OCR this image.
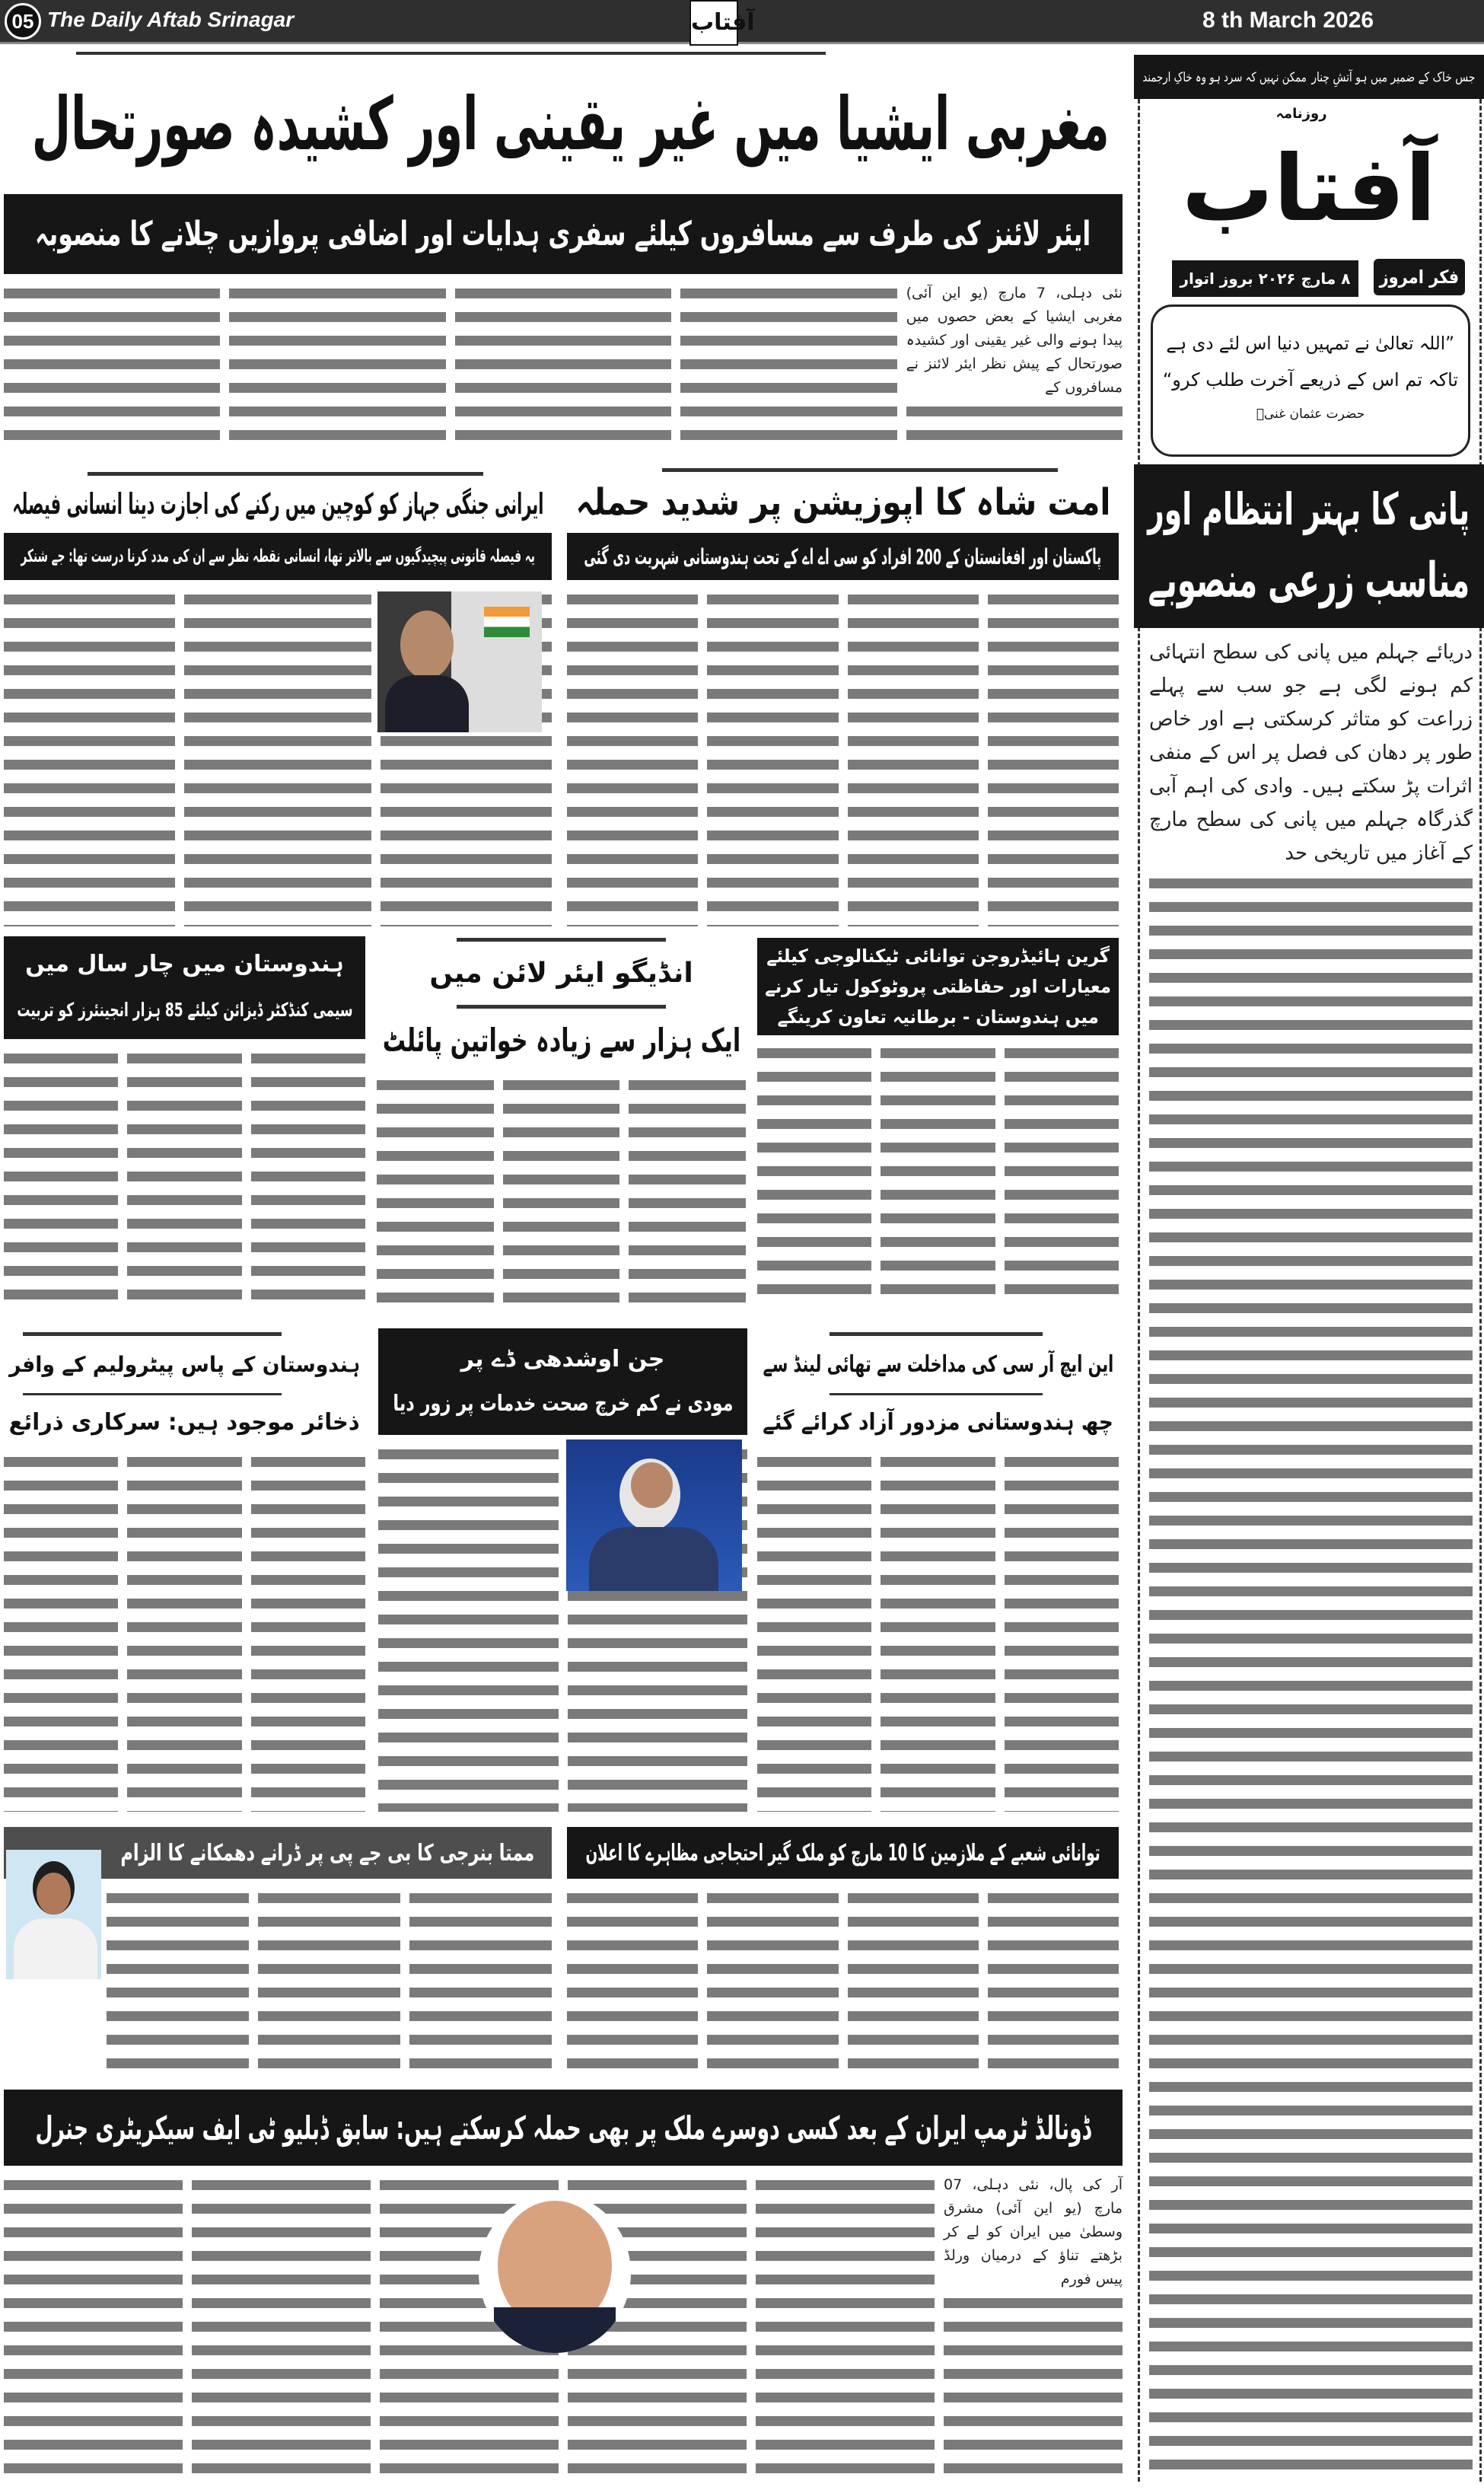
05 The Daily Aftab Srinagar	آفتاب	8 th March 2026
جس خاک کے ضمیر میں ہو آتشِ چنار
ممکن نہیں کہ سرد ہو وہ خاکِ ارجمند
روزنامہ
آفتاب
فکر امروز
۸ مارچ ۲۰۲۶ بروز اتوار
”اللہ تعالیٰ نے تمہیں دنیا اس لئے دی ہے
تاکہ تم اس کے ذریعے آخرت طلب کرو“
حضرت عثمان غنیؓ
پانی کا بہتر انتظام اور
مناسب زرعی منصوبے
دریائے جہلم میں پانی کی سطح انتہائی کم ہونے لگی ہے جو سب سے پہلے زراعت کو متاثر کرسکتی ہے اور خاص طور پر دھان کی فصل پر اس کے منفی اثرات پڑ سکتے ہیں۔ وادی کی اہم آبی گذرگاہ جہلم میں پانی کی سطح مارچ کے آغاز میں تاریخی حد
مغربی ایشیا میں غیر یقینی اور کشیدہ صورتحال
ایئر لائنز کی طرف سے مسافروں کیلئے سفری ہدایات اور اضافی پروازیں چلانے کا منصوبہ
نئی دہلی، 7 مارچ (یو این آئی) مغربی ایشیا کے بعض حصوں میں پیدا ہونے والی غیر یقینی اور کشیدہ صورتحال کے پیش نظر ایئر لائنز نے مسافروں کے
امت شاہ کا اپوزیشن پر شدید حملہ
پاکستان اور افغانستان کے 200 افراد کو سی اے اے کے تحت ہندوستانی شہریت دی گئی
ایرانی جنگی جہاز کو کوچین میں رکنے کی اجازت دینا انسانی فیصلہ
یہ فیصلہ قانونی پیچیدگیوں سے بالاتر تھا، انسانی نقطہ نظر سے ان کی مدد کرنا درست تھا: جے شنکر
گرین ہائیڈروجن توانائی ٹیکنالوجی کیلئے معیارات اور حفاظتی پروٹوکول تیار کرنے میں ہندوستان - برطانیہ تعاون کرینگے
انڈیگو ایئر لائن میں
ایک ہزار سے زیادہ خواتین پائلٹ
ہندوستان میں چار سال میں
سیمی کنڈکٹر ڈیزائن کیلئے 85 ہزار انجینئرز کو تربیت
این ایچ آر سی کی مداخلت سے تھائی لینڈ سے
چھ ہندوستانی مزدور آزاد کرائے گئے
جن اوشدھی ڈے پر
مودی نے کم خرچ صحت خدمات پر زور دیا
ہندوستان کے پاس پیٹرولیم کے وافر
ذخائر موجود ہیں: سرکاری ذرائع
توانائی شعبے کے ملازمین کا 10 مارچ کو ملک گیر احتجاجی مظاہرے کا اعلان
ممتا بنرجی کا بی جے پی پر ڈرانے دھمکانے کا الزام
ڈونالڈ ٹرمپ ایران کے بعد کسی دوسرے ملک پر بھی حملہ کرسکتے ہیں: سابق ڈبلیو ٹی ایف سیکریٹری جنرل
آر کی پال، نئی دہلی، 07 مارچ (یو این آئی) مشرق وسطیٰ میں ایران کو لے کر بڑھتے تناؤ کے درمیان ورلڈ پیس فورم
